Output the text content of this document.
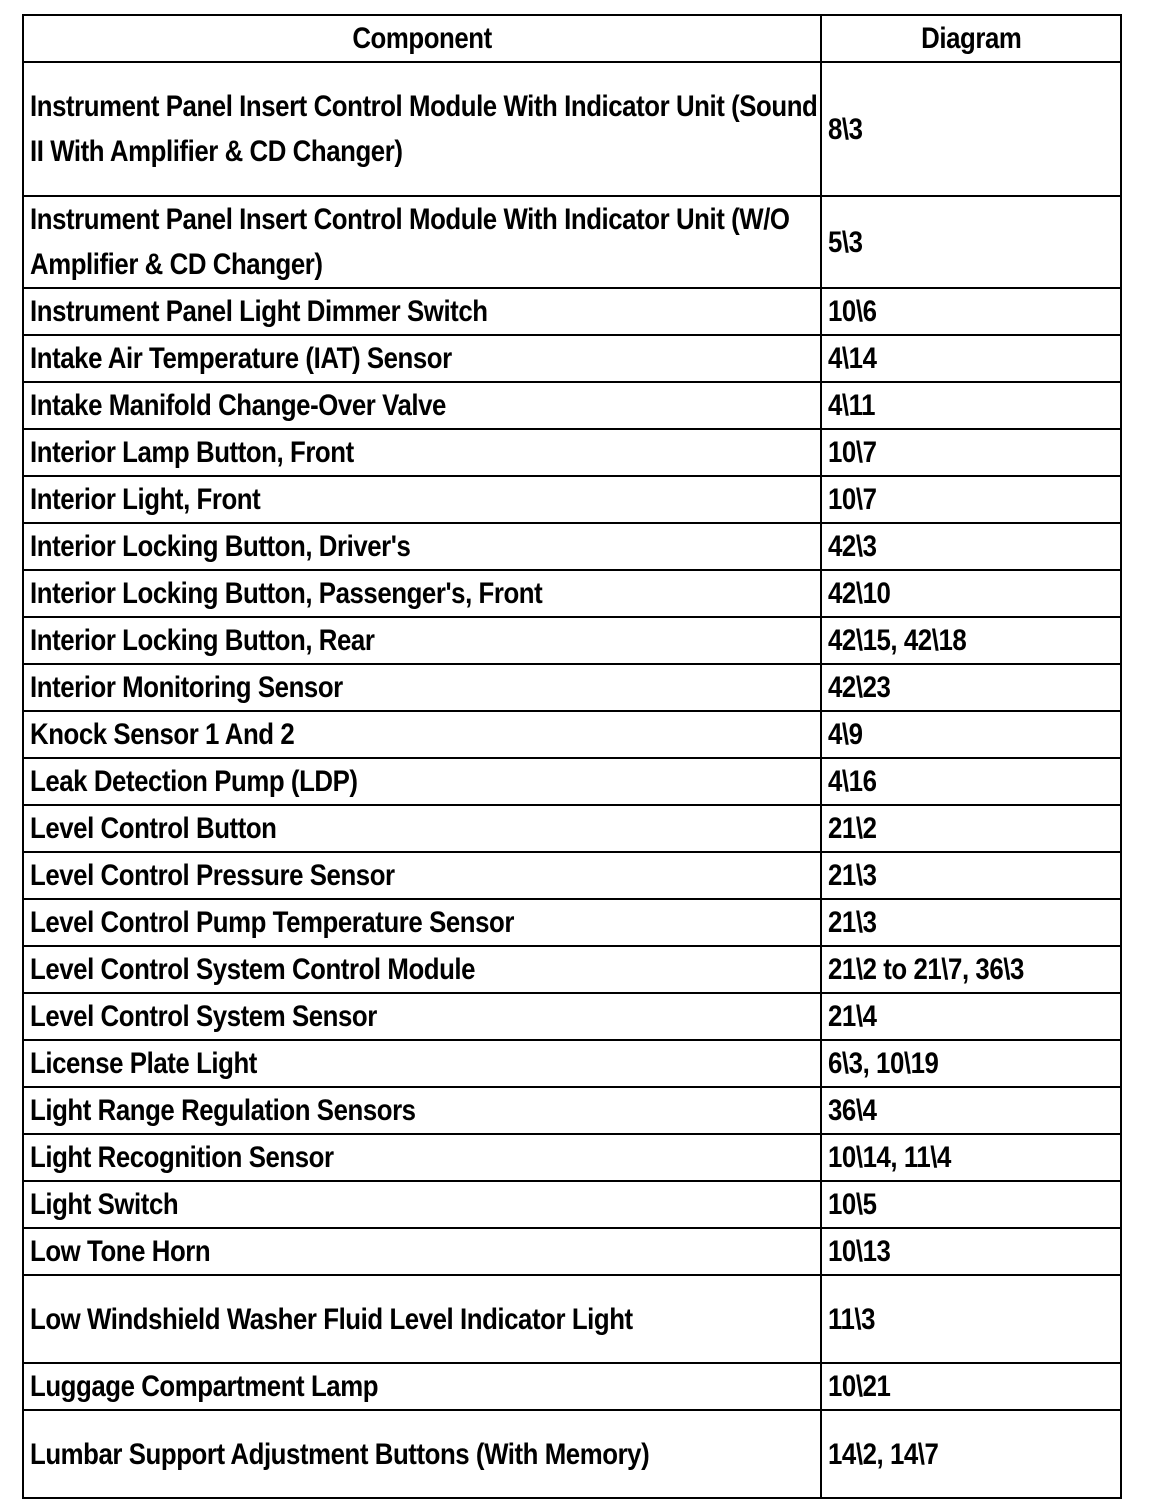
Component	Diagram
Instrument Panel Insert Control Module With Indicator Unit (Sound II With Amplifier & CD Changer)	8\3
Instrument Panel Insert Control Module With Indicator Unit (W/O Amplifier & CD Changer)	5\3
Instrument Panel Light Dimmer Switch	10\6
Intake Air Temperature (IAT) Sensor	4\14
Intake Manifold Change-Over Valve	4\11
Interior Lamp Button, Front	10\7
Interior Light, Front	10\7
Interior Locking Button, Driver's	42\3
Interior Locking Button, Passenger's, Front	42\10
Interior Locking Button, Rear	42\15, 42\18
Interior Monitoring Sensor	42\23
Knock Sensor 1 And 2	4\9
Leak Detection Pump (LDP)	4\16
Level Control Button	21\2
Level Control Pressure Sensor	21\3
Level Control Pump Temperature Sensor	21\3
Level Control System Control Module	21\2 to 21\7, 36\3
Level Control System Sensor	21\4
License Plate Light	6\3, 10\19
Light Range Regulation Sensors	36\4
Light Recognition Sensor	10\14, 11\4
Light Switch	10\5
Low Tone Horn	10\13
Low Windshield Washer Fluid Level Indicator Light	11\3
Luggage Compartment Lamp	10\21
Lumbar Support Adjustment Buttons (With Memory)	14\2, 14\7
